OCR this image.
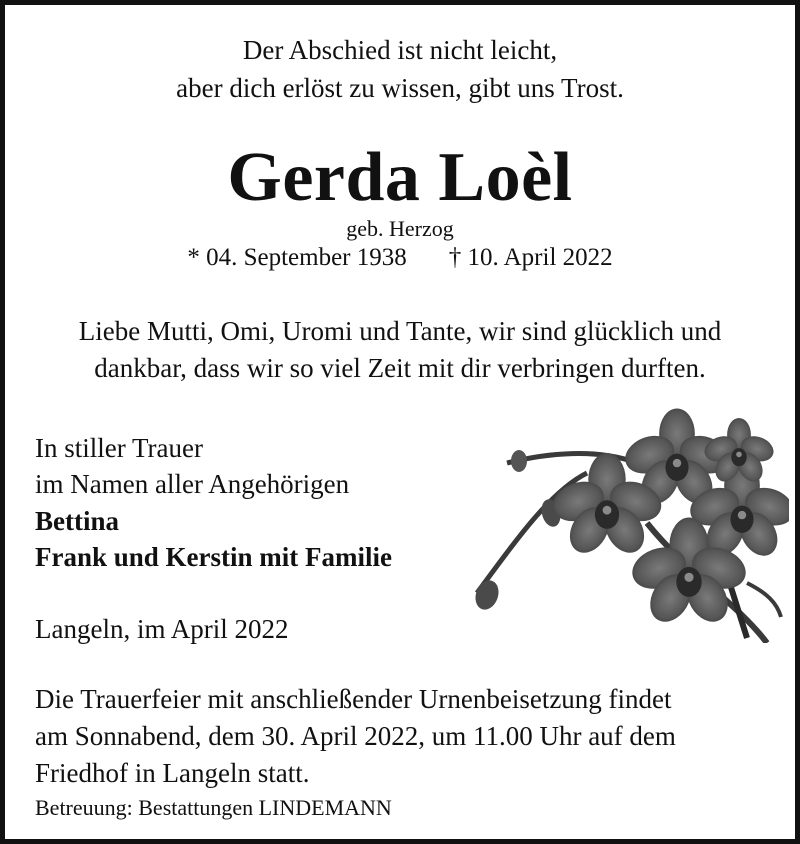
Der Abschied ist nicht leicht,
aber dich erlöst zu wissen, gibt uns Trost.
Gerda Loèl
geb. Herzog
* 04. September 1938 † 10. April 2022
Liebe Mutti, Omi, Uromi und Tante, wir sind glücklich und
dankbar, dass wir so viel Zeit mit dir verbringen durften.
In stiller Trauer
im Namen aller Angehörigen
Bettina
Frank und Kerstin mit Familie
Langeln, im April 2022
Die Trauerfeier mit anschließender Urnenbeisetzung findet
am Sonnabend, dem 30. April 2022, um 11.00 Uhr auf dem
Friedhof in Langeln statt.
Betreuung: Bestattungen LINDEMANN
